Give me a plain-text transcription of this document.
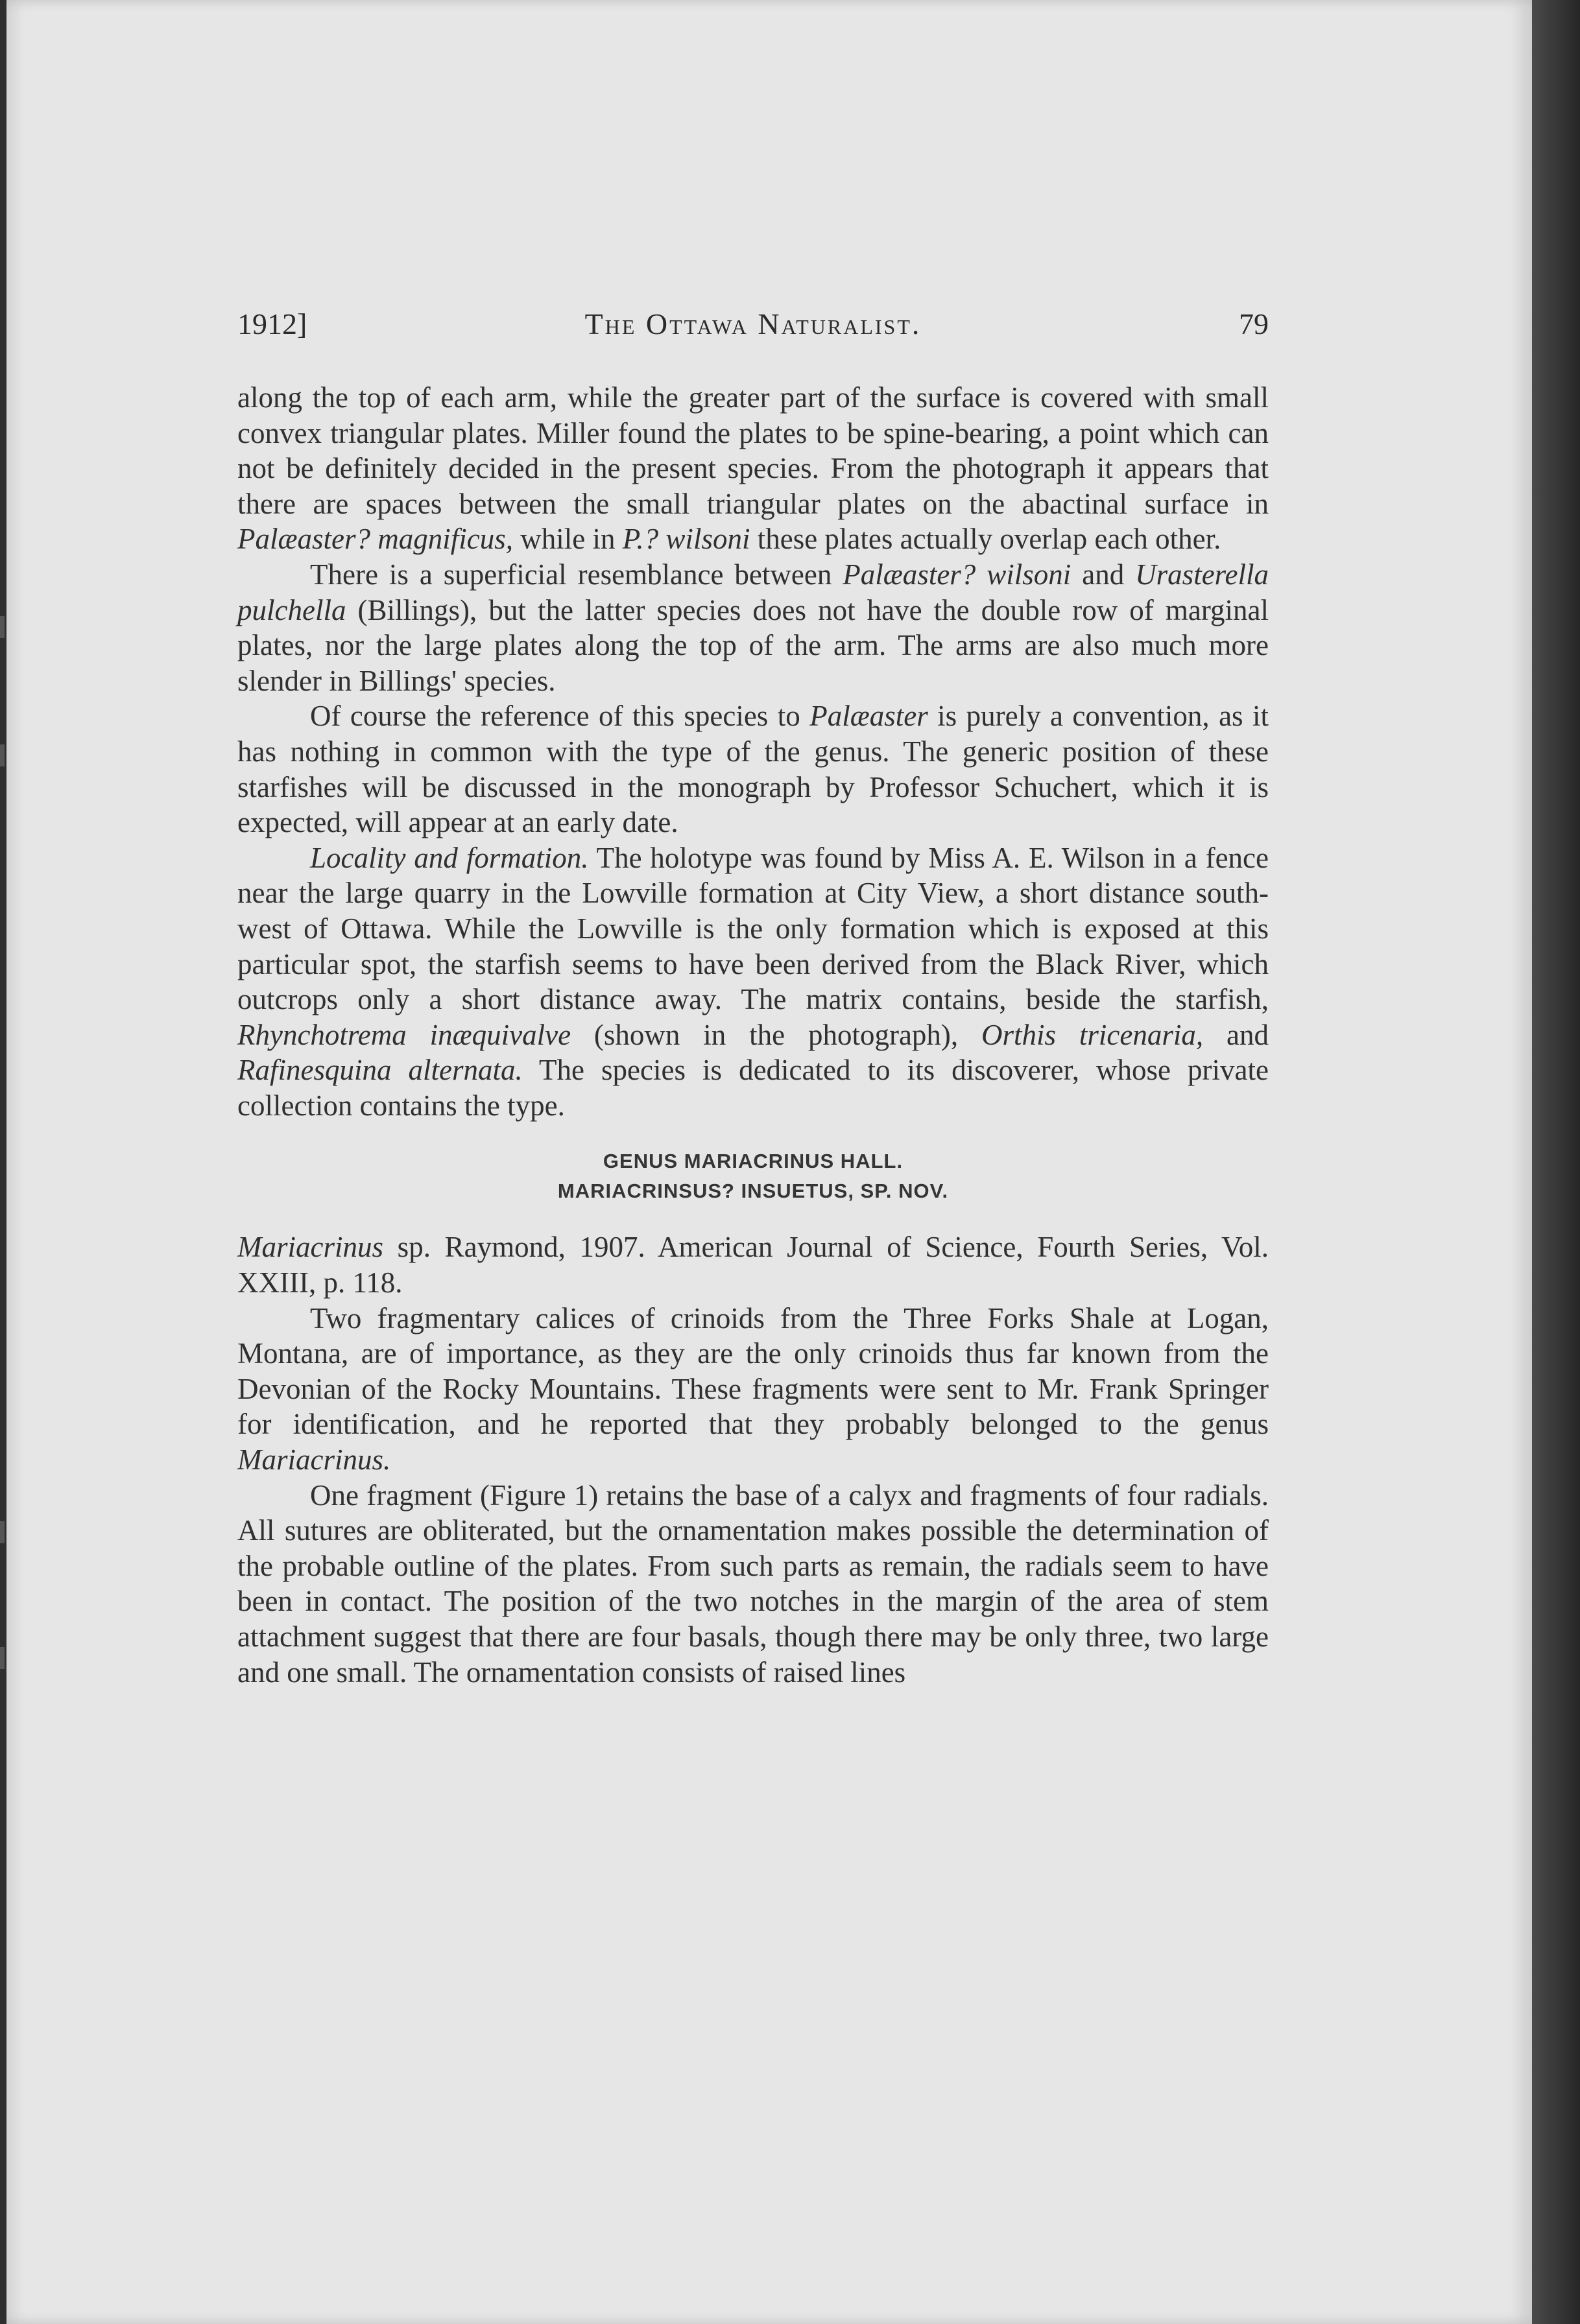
1912]	The Ottawa Naturalist.	79

along the top of each arm, while the greater part of the surface is covered with small convex triangular plates. Miller found the plates to be spine-bearing, a point which can not be definitely decided in the present species. From the photograph it appears that there are spaces between the small triangular plates on the abactinal surface in Palæaster? magnificus, while in P.? wilsoni these plates actually overlap each other.

There is a superficial resemblance between Palæaster? wilsoni and Urasterella pulchella (Billings), but the latter species does not have the double row of marginal plates, nor the large plates along the top of the arm. The arms are also much more slender in Billings' species.

Of course the reference of this species to Palæaster is purely a convention, as it has nothing in common with the type of the genus. The generic position of these starfishes will be discussed in the monograph by Professor Schuchert, which it is expected, will appear at an early date.

Locality and formation. The holotype was found by Miss A. E. Wilson in a fence near the large quarry in the Lowville formation at City View, a short distance south-west of Ottawa. While the Lowville is the only formation which is exposed at this particular spot, the starfish seems to have been derived from the Black River, which outcrops only a short distance away. The matrix contains, beside the starfish, Rhynchotrema inæquivalve (shown in the photograph), Orthis tricenaria, and Rafinesquina alternata. The species is dedicated to its discoverer, whose private collection contains the type.

GENUS MARIACRINUS HALL.
MARIACRINSUS? INSUETUS, SP. NOV.

Mariacrinus sp. Raymond, 1907. American Journal of Science, Fourth Series, Vol. XXIII, p. 118.

Two fragmentary calices of crinoids from the Three Forks Shale at Logan, Montana, are of importance, as they are the only crinoids thus far known from the Devonian of the Rocky Mountains. These fragments were sent to Mr. Frank Springer for identification, and he reported that they probably belonged to the genus Mariacrinus.

One fragment (Figure 1) retains the base of a calyx and fragments of four radials. All sutures are obliterated, but the ornamentation makes possible the determination of the probable outline of the plates. From such parts as remain, the radials seem to have been in contact. The position of the two notches in the margin of the area of stem attachment suggest that there are four basals, though there may be only three, two large and one small. The ornamentation consists of raised lines
